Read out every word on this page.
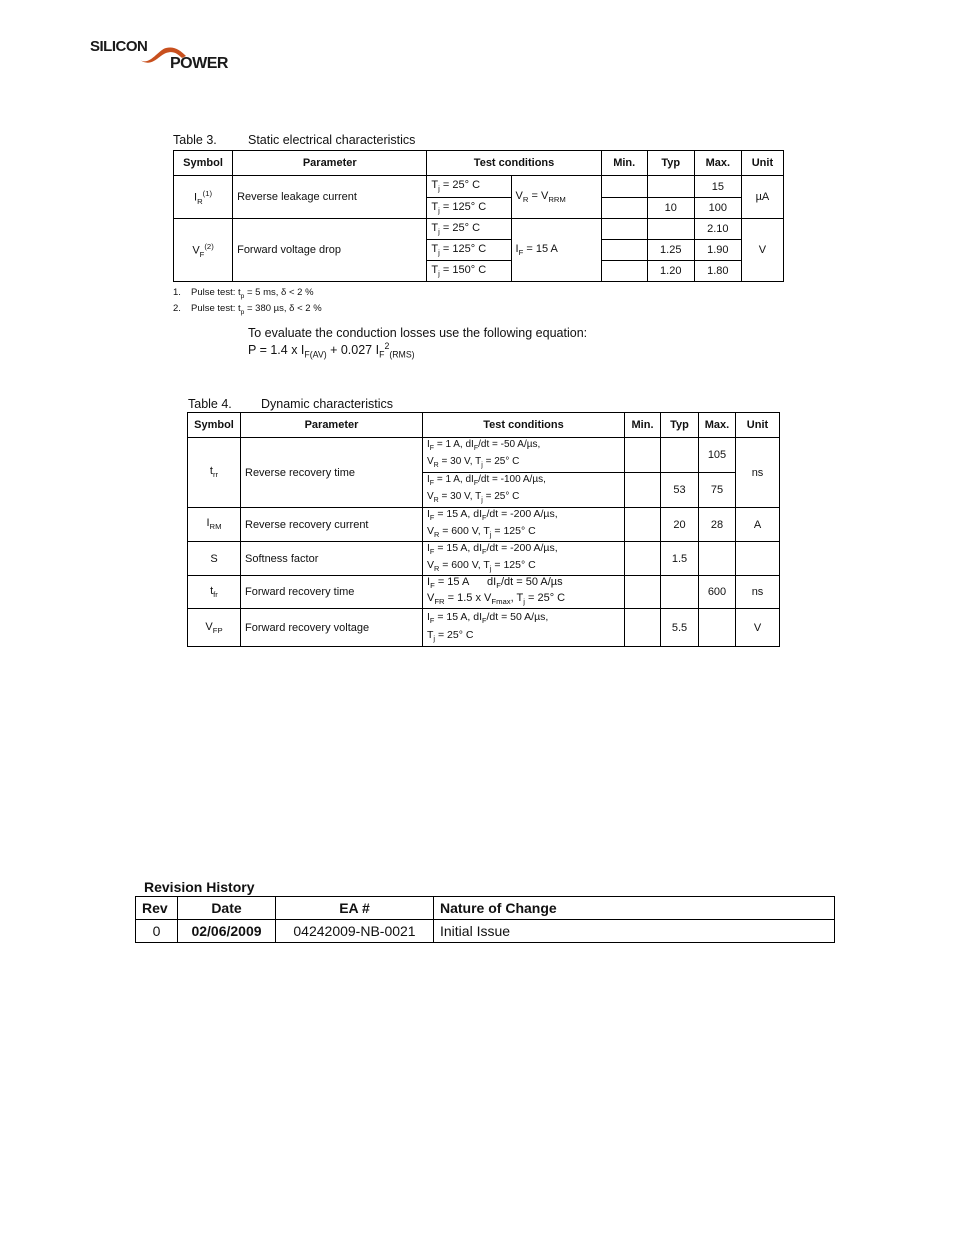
SILICON
POWER
Table 3. Static electrical characteristics
Symbol	Parameter	Test conditions		Min.	Typ	Max.	Unit
$I_R^{(1)}$	Reverse leakage current	$T_j = 25^\circ$ C	$V_R = V_{RRM}$			15	µA
		$T_j = 125^\circ$ C			10	100	
$V_F^{(2)}$	Forward voltage drop	$T_j = 25^\circ$ C	$I_F = 15$ A			2.10	V
		$T_j = 125^\circ$ C			1.25	1.90	
		$T_j = 150^\circ$ C			1.20	1.80	
1. Pulse test: $t_p = 5$ ms, δ < 2 %
2. Pulse test: $t_p = 380$ µs, δ < 2 %
To evaluate the conduction losses use the following equation:
P = 1.4 x $I_{F(AV)} + 0.027$ $I_F^2_{(RMS)}$
Table 4. Dynamic characteristics
Symbol	Parameter	Test conditions	Min.	Typ	Max.	Unit
$t_{rr}$	Reverse recovery time	$I_F = 1$ A, $dI_F/dt = -50$ A/µs,
$V_R = 30$ V, $T_j = 25^\circ$ C			105	ns
		$I_F = 1$ A, $dI_F/dt = -100$ A/µs,
$V_R = 30$ V, $T_j = 25^\circ$ C		53	75	
$I_{RM}$	Reverse recovery current	$I_F = 15$ A, $dI_F/dt = -200$ A/µs,
$V_R = 600$ V, $T_j = 125^\circ$ C		20	28	A
S	Softness factor	$I_F = 15$ A, $dI_F/dt = -200$ A/µs,
$V_R = 600$ V, $T_j = 125^\circ$ C		1.5		
$t_{fr}$	Forward recovery time	$I_F = 15$ A      $dI_F/dt = 50$ A/µs
$V_{FR} = 1.5$ x $V_{Fmax}$, $T_j = 25^\circ$ C			600	ns
$V_{FP}$	Forward recovery voltage	$I_F = 15$ A, $dI_F/dt = 50$ A/µs,
$T_j = 25^\circ$ C		5.5		V
Revision History
Rev	Date	EA #	Nature of Change
0	02/06/2009	04242009-NB-0021	Initial Issue
